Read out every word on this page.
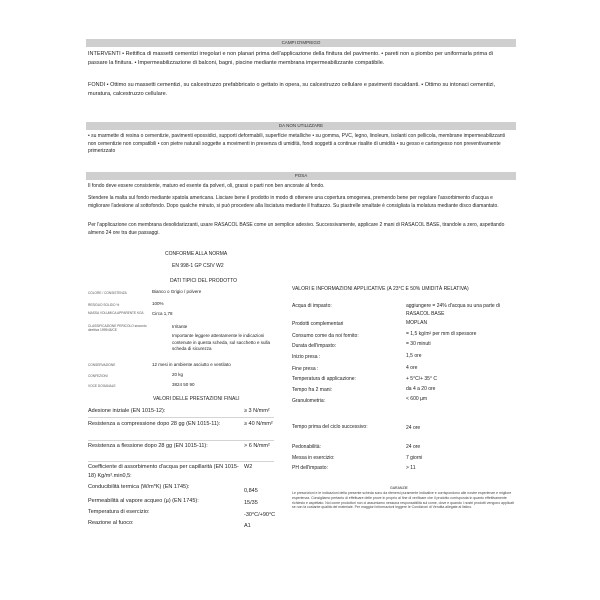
CAMPI D'IMPIEGO

INTERVENTI • Rettifica di massetti cementizi irregolari e non planari prima dell'applicazione della finitura del pavimento. • pareti non a piombo per uniformarla prima di passare la finitura. • Impermeabilizzazione di balconi, bagni, piscine mediante membrana impermeabilizzante compatibile.

FONDI • Ottimo su massetti cementizi, su calcestruzzo prefabbricato o gettato in opera, su calcestruzzo cellulare e pavimenti riscaldanti. • Ottimo su intonaci cementizi, muratura, calcestruzzo cellulare.

DA NON UTILIZZARE

• su marmette di resina o cementizie, pavimenti epossidici, supporti deformabili, superfície metalliche • su gomma, PVC, legno, linoleum, isolanti con pellicola, membrane impermeabilizzanti non cementizie non compatibili • con pietre naturali soggette a movimenti in presenza di umidità, fondi soggetti a continue risalite di umidità • su gesso e cartongesso non preventivamente primerizzato

POSA

Il fondo deve essere consistente, maturo ed esente da polveri, oli, grassi o parti non ben ancorate al fondo.

Stendere la malta sul fondo mediante spatola americana. Lisciare bene il prodotto in modo di ottenere una copertura omogenea, premendo bene per regolare l'assorbimento d'acqua e migliorare l'adesione al sottofondo. Dopo qualche minuto, si può procedere alla lisciatura mediante il frattazzo. Su piastrelle smaltate è consigliata la molatura mediante disco diamantato.

Per l'applicazione con membrana desolidarizzanti, usare RASACOL BASE come un semplice adesivo. Successivamente, applicare 2 mani di RASACOL BASE, tirandole a zero, aspettando almeno 24 ore tra due passaggi.

CONFORME ALLA NORMA
EN 998-1 GP CSIV W2
DATI TIPICI DEL PRODOTTO
COLORE / CONSISTENZA	Bianco o Grigio / polvere
RESIDUO SOLIDO %	100%
MASSA VOLUMICA APPARENTE KG/L	Circa 1,78
CLASSIFICAZIONE PERICOLO secondo direttiva 1999/45/CE
Irritante
Importante leggere attentamente le indicazioni contenute in questa scheda, sul sacchetto e sulla scheda di sicurezza
CONSERVAZIONE	12 mesi in ambiente asciutto e ventilato
CONFEZIONI	20 kg
VOCE DOGANALE	3824 50 90
VALORI DELLE PRESTAZIONI FINALI
Adesione iniziale (EN 1015-12):	≥ 3 N/mm²
Resistenza a compressione dopo 28 gg (EN 1015-11):	≥ 40 N/mm²
Resistenza a flessione dopo 28 gg (EN 1015-11):	> 6 N/mm²
Coefficiente di assorbimento d'acqua per capillarità (EN 1015-18) Kg/m².min0,5:
W2
Conducibilità termica (W/m*K) (EN 1745):
0,845
Permeabilità al vapore acqueo (µ) (EN 1745):	15/35
Temperatura di esercizio:	-30°C/+90°C
Reazione al fuoco:	A1
VALORI E INFORMAZIONI APPLICATIVE (A 23°C E 50% UMIDITÀ RELATIVA)
Acqua di impasto:	aggiungere = 24% d'acqua su una parte di RASACOL BASE
Prodotti complementari	MOPLAN
Consumo come da noi fornito:	= 1,5 kg/m² per mm di spessore
Durata dell'impasto:	= 30 minuti
Inizio presa :	1,5 ore
Fine presa :	4 ore
Temperatura di applicazione:	+ 5°C/+ 35° C
Tempo fra 2 mani:	da 4 a 20 ore
Granulometria:	< 600 µm
Tempo prima del ciclo successivo:	24 ore
Pedonabilità:	24 ore
Messa in esercizio:	7 giorni
PH dell'impasto:	> 11
GARANZIE
Le prescrizioni e le indicazioni della presente scheda sono da ritenersi puramente indicative e corrispondono alle nostre esperienze e migliore esperienza. Consigliamo pertanto di effettuare delle prove in proprio al fine di verificare che il prodotto corrisponda in quanto effettivamente richiesto e aspettato. Noi come produttori non ci assumiamo nessuna responsabilità sul come, dove e quando i nostri prodotti vengono applicati se non la costante qualità del materiale. Per maggiori informazioni leggere le Condizioni di Vendita allegate al listino.
